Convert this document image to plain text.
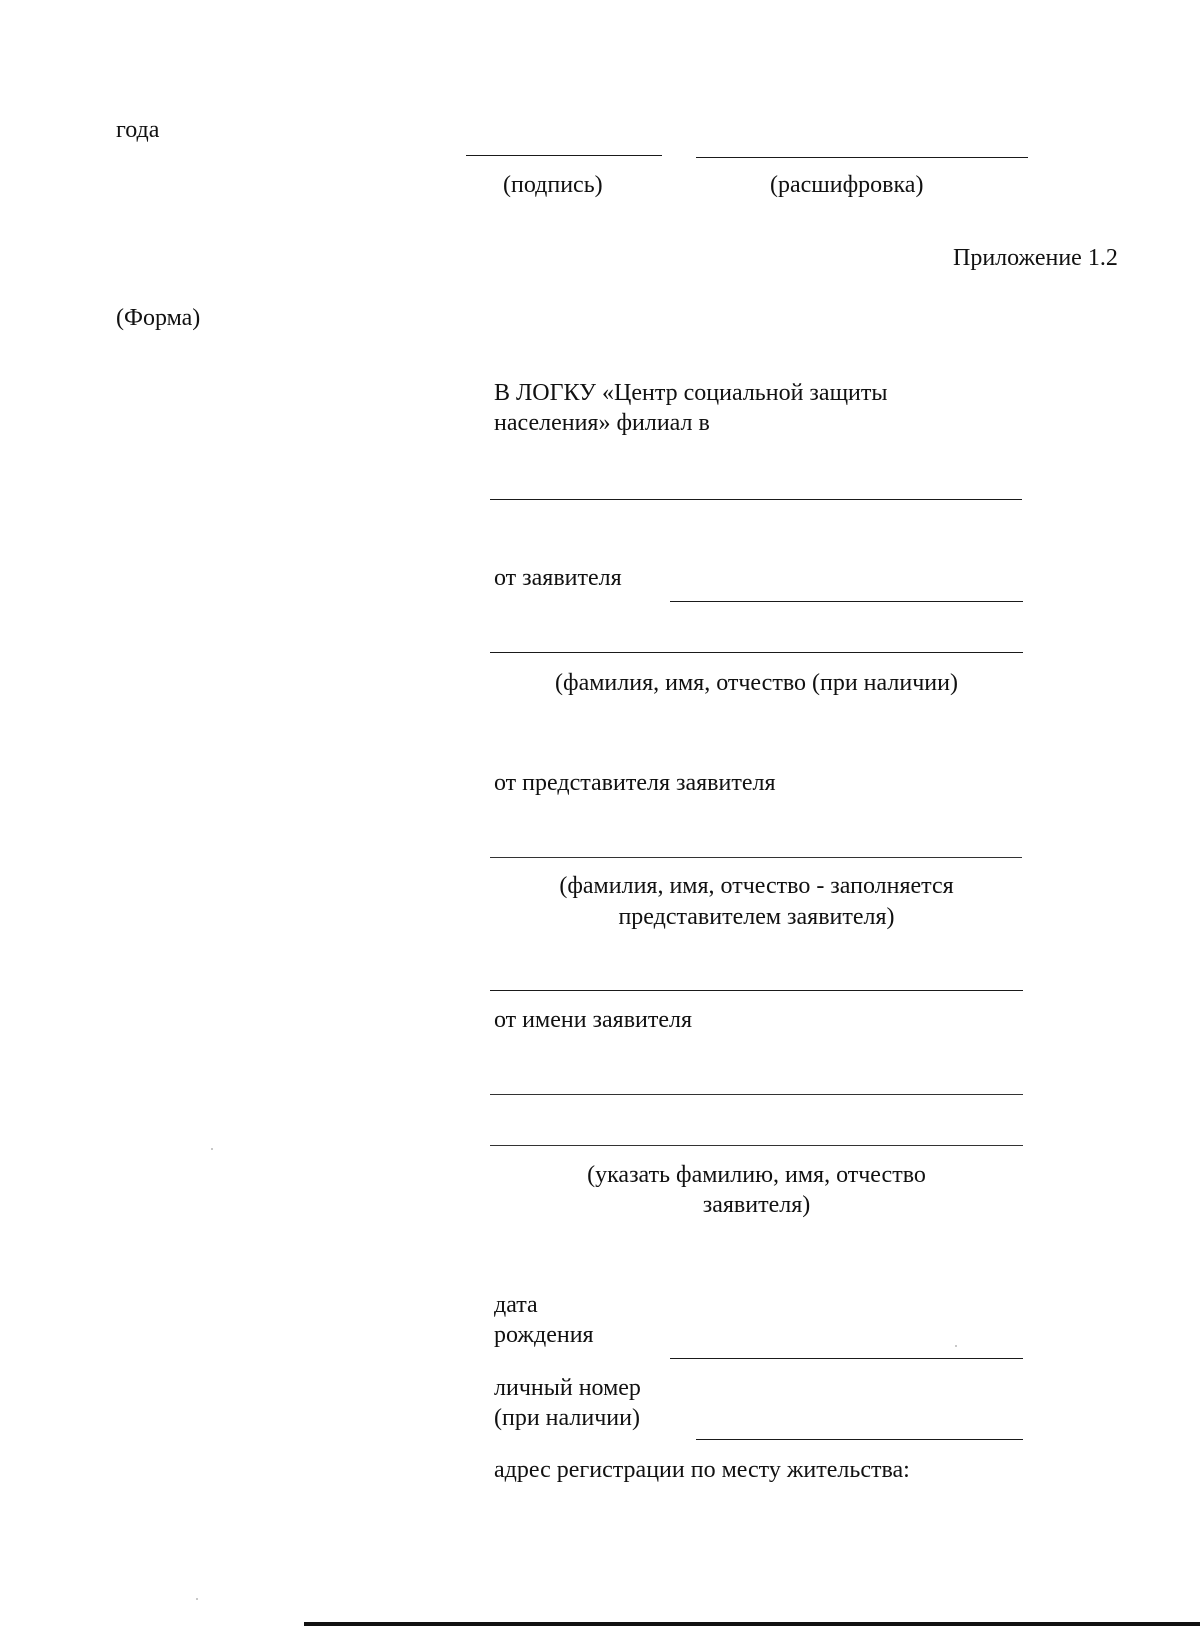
года
(подпись)	(расшифровка)
Приложение 1.2
(Форма)
В ЛОГКУ «Центр социальной защиты
населения» филиал в
от заявителя
(фамилия, имя, отчество (при наличии)
от представителя заявителя
(фамилия, имя, отчество - заполняется
представителем заявителя)
от имени заявителя
(указать фамилию, имя, отчество
заявителя)
дата
рождения
личный номер
(при наличии)
адрес регистрации по месту жительства:
